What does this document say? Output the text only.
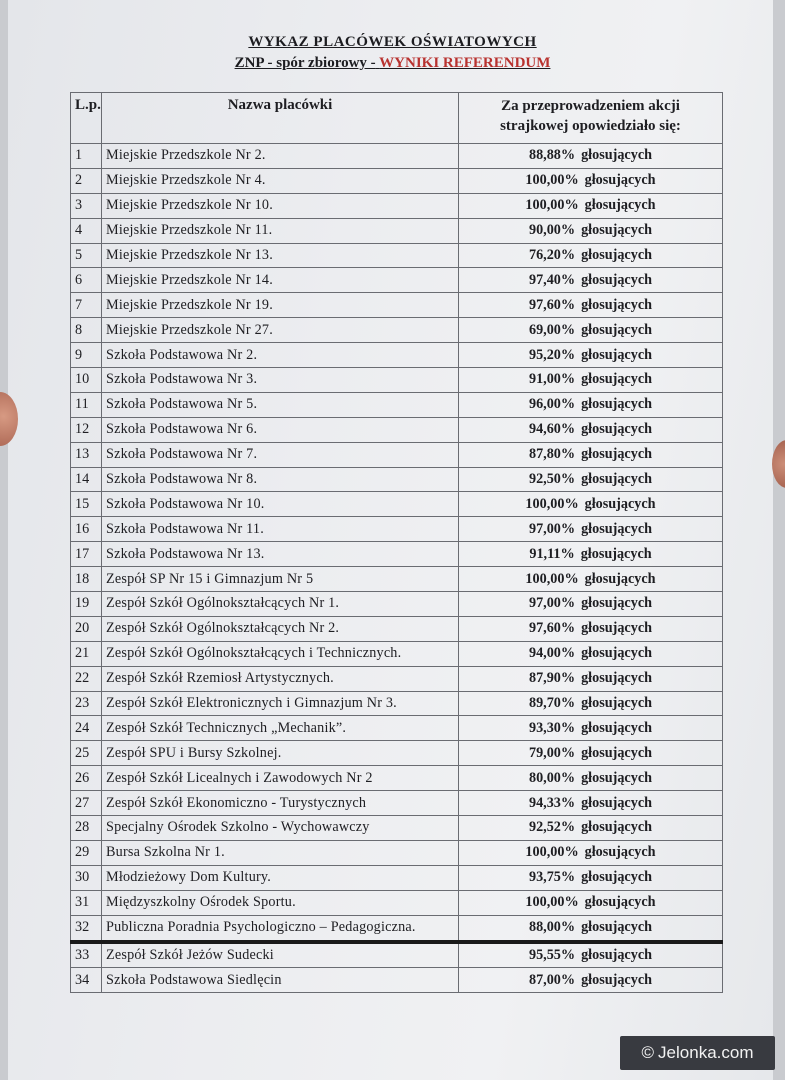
WYKAZ PLACÓWEK OŚWIATOWYCH
ZNP - spór zbiorowy - WYNIKI REFERENDUM
L.p.	Nazwa placówki	Za przeprowadzeniem akcji
strajkowej opowiedziało się:

1	Miejskie Przedszkole Nr 2.	88,88% głosujących
2	Miejskie Przedszkole Nr 4.	100,00% głosujących
3	Miejskie Przedszkole Nr 10.	100,00% głosujących
4	Miejskie Przedszkole Nr 11.	90,00% głosujących
5	Miejskie Przedszkole Nr 13.	76,20% głosujących
6	Miejskie Przedszkole Nr 14.	97,40% głosujących
7	Miejskie Przedszkole Nr 19.	97,60% głosujących
8	Miejskie Przedszkole Nr 27.	69,00% głosujących
9	Szkoła Podstawowa Nr 2.	95,20% głosujących
10	Szkoła Podstawowa Nr 3.	91,00% głosujących
11	Szkoła Podstawowa Nr 5.	96,00% głosujących
12	Szkoła Podstawowa Nr 6.	94,60% głosujących
13	Szkoła Podstawowa Nr 7.	87,80% głosujących
14	Szkoła Podstawowa Nr 8.	92,50% głosujących
15	Szkoła Podstawowa Nr 10.	100,00% głosujących
16	Szkoła Podstawowa Nr 11.	97,00% głosujących
17	Szkoła Podstawowa Nr 13.	91,11% głosujących
18	Zespół SP Nr 15 i Gimnazjum Nr 5	100,00% głosujących
19	Zespół Szkół Ogólnokształcących Nr 1.	97,00% głosujących
20	Zespół Szkół Ogólnokształcących Nr 2.	97,60% głosujących
21	Zespół Szkół Ogólnokształcących i Technicznych.	94,00% głosujących
22	Zespół Szkół Rzemiosł Artystycznych.	87,90% głosujących
23	Zespół Szkół Elektronicznych i Gimnazjum Nr 3.	89,70% głosujących
24	Zespół Szkół Technicznych „Mechanik”.	93,30% głosujących
25	Zespół SPU i Bursy Szkolnej.	79,00% głosujących
26	Zespół Szkół Licealnych i Zawodowych Nr 2	80,00% głosujących
27	Zespół Szkół Ekonomiczno - Turystycznych	94,33% głosujących
28	Specjalny Ośrodek Szkolno - Wychowawczy	92,52% głosujących
29	Bursa Szkolna Nr 1.	100,00% głosujących
30	Młodzieżowy Dom Kultury.	93,75% głosujących
31	Międzyszkolny Ośrodek Sportu.	100,00% głosujących
32	Publiczna Poradnia Psychologiczno – Pedagogiczna.	88,00% głosujących
33	Zespół Szkół Jeżów Sudecki	95,55% głosujących
34	Szkoła Podstawowa Siedlęcin	87,00% głosujących
© Jelonka.com
